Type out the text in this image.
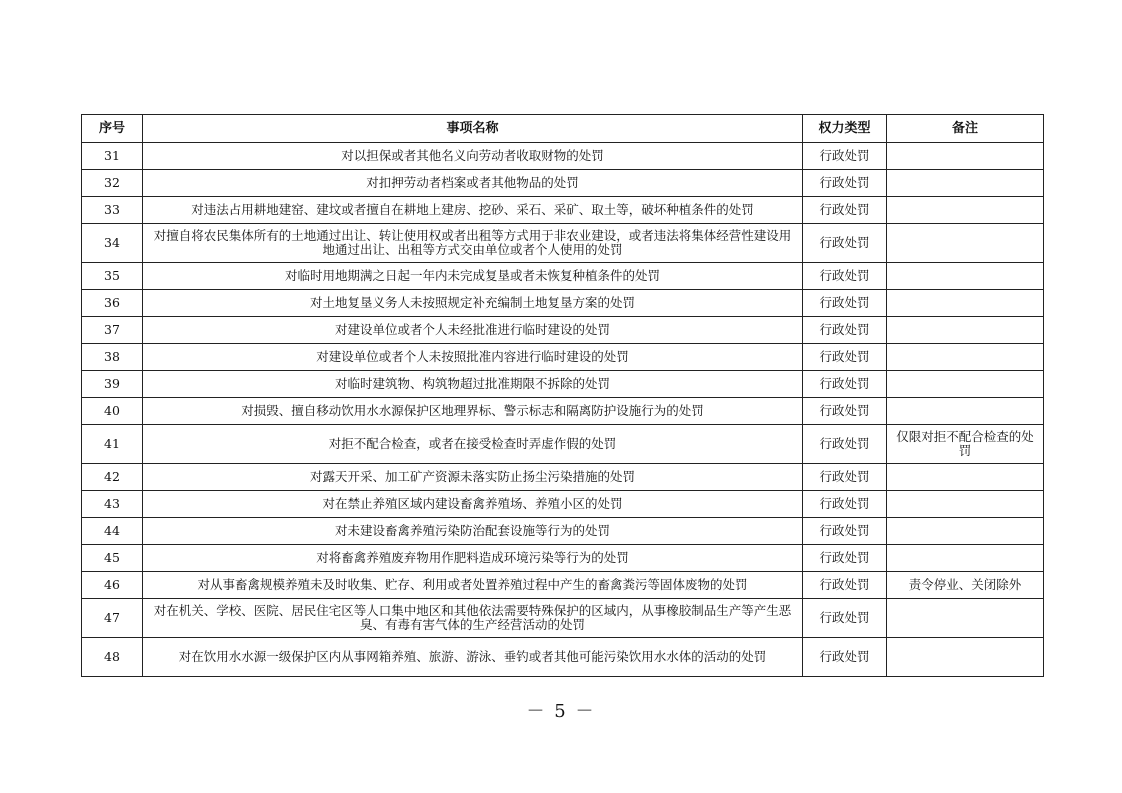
序号	事项名称	权力类型	备注
31	对以担保或者其他名义向劳动者收取财物的处罚	行政处罚	
32	对扣押劳动者档案或者其他物品的处罚	行政处罚	
33	对违法占用耕地建窑、建坟或者擅自在耕地上建房、挖砂、采石、采矿、取土等，破坏种植条件的处罚	行政处罚	
34	对擅自将农民集体所有的土地通过出让、转让使用权或者出租等方式用于非农业建设，或者违法将集体经营性建设用地通过出让、出租等方式交由单位或者个人使用的处罚	行政处罚	
35	对临时用地期满之日起一年内未完成复垦或者未恢复种植条件的处罚	行政处罚	
36	对土地复垦义务人未按照规定补充编制土地复垦方案的处罚	行政处罚	
37	对建设单位或者个人未经批准进行临时建设的处罚	行政处罚	
38	对建设单位或者个人未按照批准内容进行临时建设的处罚	行政处罚	
39	对临时建筑物、构筑物超过批准期限不拆除的处罚	行政处罚	
40	对损毁、擅自移动饮用水水源保护区地理界标、警示标志和隔离防护设施行为的处罚	行政处罚	
41	对拒不配合检查，或者在接受检查时弄虚作假的处罚	行政处罚	仅限对拒不配合检查的处罚
42	对露天开采、加工矿产资源未落实防止扬尘污染措施的处罚	行政处罚	
43	对在禁止养殖区域内建设畜禽养殖场、养殖小区的处罚	行政处罚	
44	对未建设畜禽养殖污染防治配套设施等行为的处罚	行政处罚	
45	对将畜禽养殖废弃物用作肥料造成环境污染等行为的处罚	行政处罚	
46	对从事畜禽规模养殖未及时收集、贮存、利用或者处置养殖过程中产生的畜禽粪污等固体废物的处罚	行政处罚	责令停业、关闭除外
47	对在机关、学校、医院、居民住宅区等人口集中地区和其他依法需要特殊保护的区域内，从事橡胶制品生产等产生恶臭、有毒有害气体的生产经营活动的处罚	行政处罚	
48	对在饮用水水源一级保护区内从事网箱养殖、旅游、游泳、垂钓或者其他可能污染饮用水水体的活动的处罚	行政处罚	
－ 5 －
